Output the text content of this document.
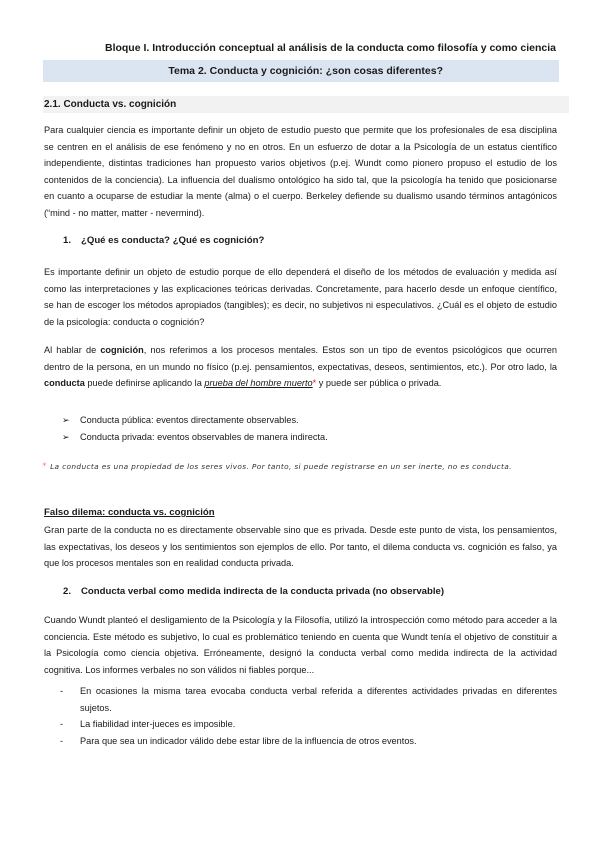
Bloque I. Introducción conceptual al análisis de la conducta como filosofía y como ciencia
Tema 2. Conducta y cognición: ¿son cosas diferentes?
2.1. Conducta vs. cognición

Para cualquier ciencia es importante definir un objeto de estudio puesto que permite que los profesionales de esa disciplina se centren en el análisis de ese fenómeno y no en otros. En un esfuerzo de dotar a la Psicología de un estatus científico independiente, distintas tradiciones han propuesto varios objetivos (p.ej. Wundt como pionero propuso el estudio de los contenidos de la conciencia). La influencia del dualismo ontológico ha sido tal, que la psicología ha tenido que posicionarse en cuanto a ocuparse de estudiar la mente (alma) o el cuerpo. Berkeley defiende su dualismo usando términos antagónicos (“mind - no matter, matter - nevermind).

1. ¿Qué es conducta? ¿Qué es cognición?

Es importante definir un objeto de estudio porque de ello dependerá el diseño de los métodos de evaluación y medida así como las interpretaciones y las explicaciones teóricas derivadas. Concretamente, para hacerlo desde un enfoque científico, se han de escoger los métodos apropiados (tangibles); es decir, no subjetivos ni especulativos. ¿Cuál es el objeto de estudio de la psicología: conducta o cognición?

Al hablar de cognición, nos referimos a los procesos mentales. Estos son un tipo de eventos psicológicos que ocurren dentro de la persona, en un mundo no físico (p.ej. pensamientos, expectativas, deseos, sentimientos, etc.). Por otro lado, la conducta puede definirse aplicando la prueba del hombre muerto* y puede ser pública o privada.

➢	Conducta pública: eventos directamente observables.
➢	Conducta privada: eventos observables de manera indirecta.

* La conducta es una propiedad de los seres vivos. Por tanto, si puede registrarse en un ser inerte, no es conducta.

Falso dilema: conducta vs. cognición

Gran parte de la conducta no es directamente observable sino que es privada. Desde este punto de vista, los pensamientos, las expectativas, los deseos y los sentimientos son ejemplos de ello. Por tanto, el dilema conducta vs. cognición es falso, ya que los procesos mentales son en realidad conducta privada.

2. Conducta verbal como medida indirecta de la conducta privada (no observable)

Cuando Wundt planteó el desligamiento de la Psicología y la Filosofía, utilizó la introspección como método para acceder a la conciencia. Este método es subjetivo, lo cual es problemático teniendo en cuenta que Wundt tenía el objetivo de constituir a la Psicología como ciencia objetiva. Erróneamente, designó la conducta verbal como medida indirecta de la actividad cognitiva. Los informes verbales no son válidos ni fiables porque...

-	En ocasiones la misma tarea evocaba conducta verbal referida a diferentes actividades privadas en diferentes sujetos.
-	La fiabilidad inter-jueces es imposible.
-	Para que sea un indicador válido debe estar libre de la influencia de otros eventos.
